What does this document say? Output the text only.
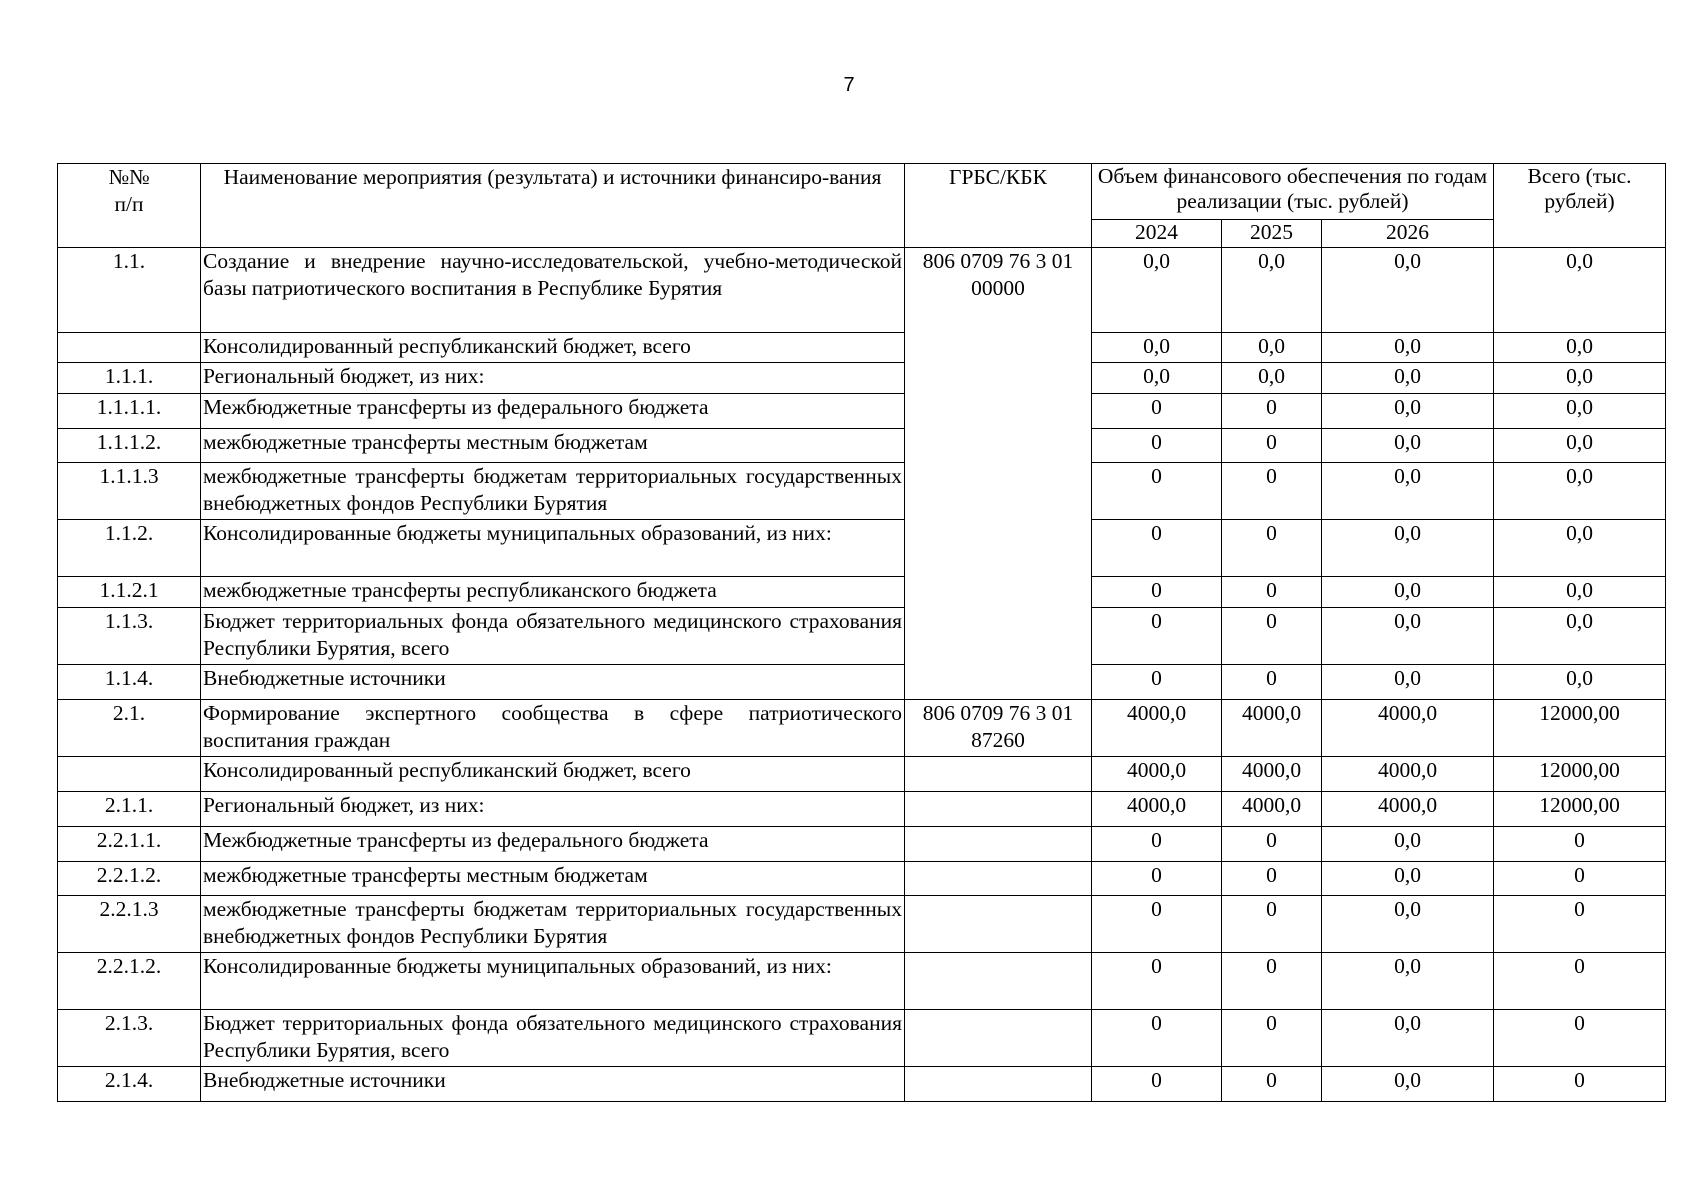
7
№№
п/п	Наименование мероприятия (результата) и источники финансиро-вания	ГРБС/КБК	Объем финансового обеспечения по годам реализации (тыс. рублей)			Всего (тыс. рублей)
			2024	2025	2026	
1.1.	Создание и внедрение научно-исследовательской, учебно-методической базы патриотического воспитания в Республике Бурятия	806 0709 76 3 01 00000	0,0	0,0	0,0	0,0
	Консолидированный республиканский бюджет, всего		0,0	0,0	0,0	0,0
1.1.1.	Региональный бюджет, из них:		0,0	0,0	0,0	0,0
1.1.1.1.	Межбюджетные трансферты из федерального бюджета		0	0	0,0	0,0
1.1.1.2.	межбюджетные трансферты местным бюджетам		0	0	0,0	0,0
1.1.1.3	межбюджетные трансферты бюджетам территориальных государственных внебюджетных фондов Республики Бурятия		0	0	0,0	0,0
1.1.2.	Консолидированные бюджеты муниципальных образований, из них:		0	0	0,0	0,0
1.1.2.1	межбюджетные трансферты республиканского бюджета		0	0	0,0	0,0
1.1.3.	Бюджет территориальных фонда обязательного медицинского страхования Республики Бурятия, всего		0	0	0,0	0,0
1.1.4.	Внебюджетные источники		0	0	0,0	0,0
2.1.	Формирование экспертного сообщества в сфере патриотического воспитания граждан	806 0709 76 3 01 87260	4000,0	4000,0	4000,0	12000,00
	Консолидированный республиканский бюджет, всего		4000,0	4000,0	4000,0	12000,00
2.1.1.	Региональный бюджет, из них:		4000,0	4000,0	4000,0	12000,00
2.2.1.1.	Межбюджетные трансферты из федерального бюджета		0	0	0,0	0
2.2.1.2.	межбюджетные трансферты местным бюджетам		0	0	0,0	0
2.2.1.3	межбюджетные трансферты бюджетам территориальных государственных внебюджетных фондов Республики Бурятия		0	0	0,0	0
2.2.1.2.	Консолидированные бюджеты муниципальных образований, из них:		0	0	0,0	0
2.1.3.	Бюджет территориальных фонда обязательного медицинского страхования Республики Бурятия, всего		0	0	0,0	0
2.1.4.	Внебюджетные источники		0	0	0,0	0
